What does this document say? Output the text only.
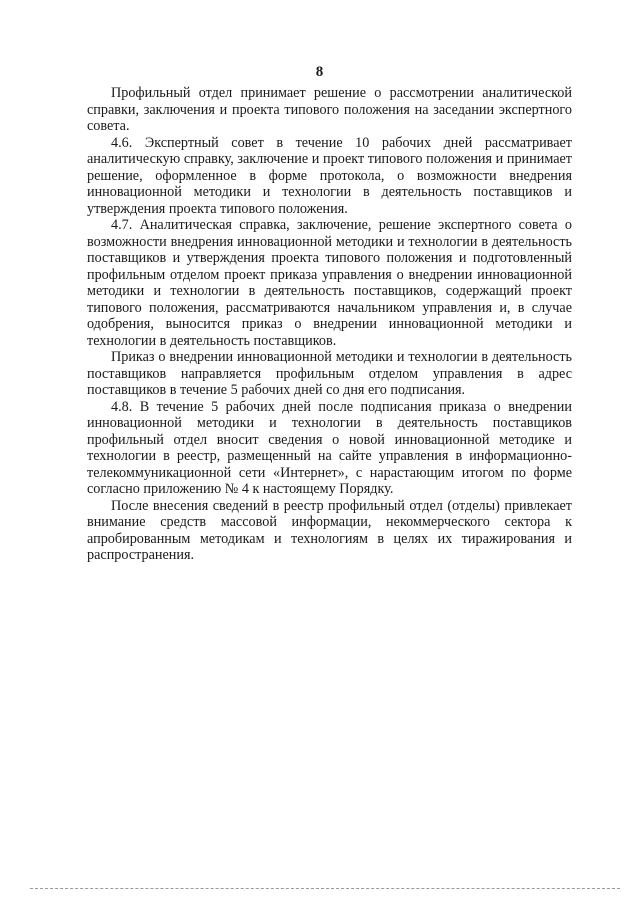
8

Профильный отдел принимает решение о рассмотрении аналитической справки, заключения и проекта типового положения на заседании экспертного совета.

4.6. Экспертный совет в течение 10 рабочих дней рассматривает аналитическую справку, заключение и проект типового положения и принимает решение, оформленное в форме протокола, о возможности внедрения инновационной методики и технологии в деятельность поставщиков и утверждения проекта типового положения.

4.7. Аналитическая справка, заключение, решение экспертного совета о возможности внедрения инновационной методики и технологии в деятельность поставщиков и утверждения проекта типового положения и подготовленный профильным отделом проект приказа управления о внедрении инновационной методики и технологии в деятельность поставщиков, содержащий проект типового положения, рассматриваются начальником управления и, в случае одобрения, выносится приказ о внедрении инновационной методики и технологии в деятельность поставщиков.

Приказ о внедрении инновационной методики и технологии в деятельность поставщиков направляется профильным отделом управления в адрес поставщиков в течение 5 рабочих дней со дня его подписания.

4.8. В течение 5 рабочих дней после подписания приказа о внедрении инновационной методики и технологии в деятельность поставщиков профильный отдел вносит сведения о новой инновационной методике и технологии в реестр, размещенный на сайте управления в информационно-телекоммуникационной сети «Интернет», с нарастающим итогом по форме согласно приложению № 4 к настоящему Порядку.

После внесения сведений в реестр профильный отдел (отделы) привлекает внимание средств массовой информации, некоммерческого сектора к апробированным методикам и технологиям в целях их тиражирования и распространения.
